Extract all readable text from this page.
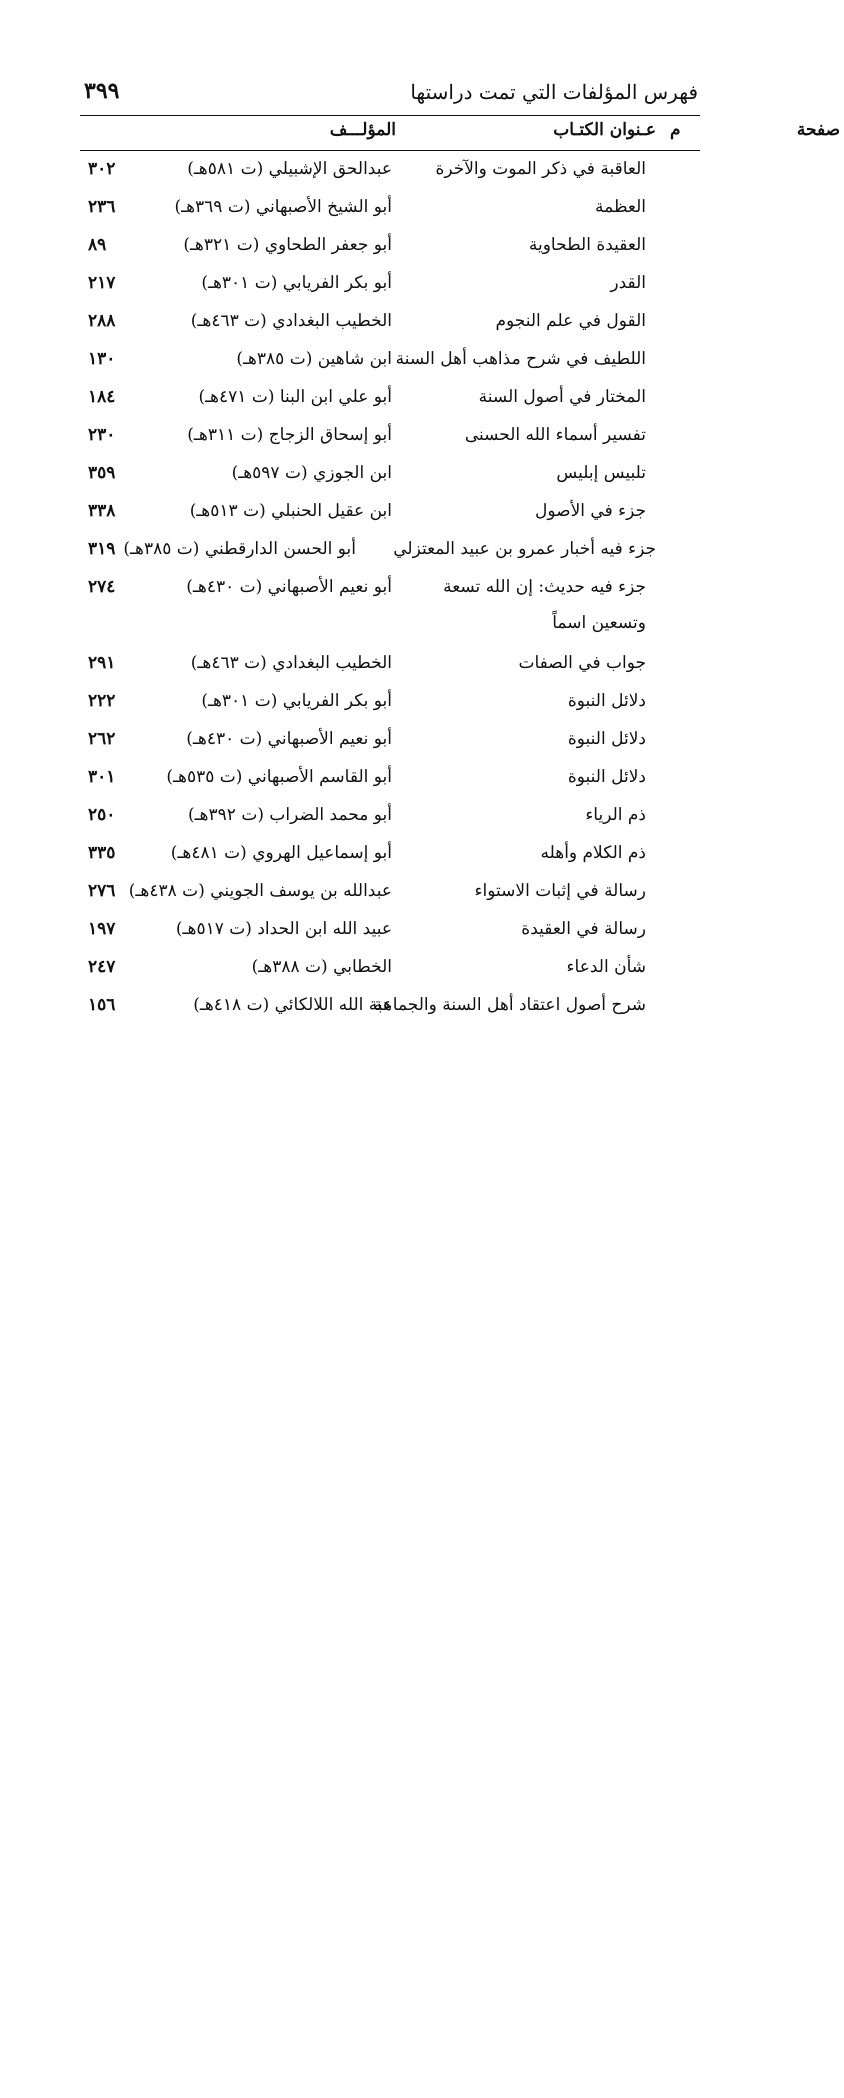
فهرس المؤلفات التي تمت دراستها
٣٩٩
م
عـنوان الكتـاب
المؤلـــف	صفحة
العاقبة في ذكر الموت والآخرة
عبدالحق الإشبيلي (ت ٥٨١هـ)
٣٠٢
العظمة
أبو الشيخ الأصبهاني (ت ٣٦٩هـ)
٢٣٦
العقيدة الطحاوية
أبو جعفر الطحاوي (ت ٣٢١هـ)
٨٩
القدر
أبو بكر الفريابي (ت ٣٠١هـ)
٢١٧
القول في علم النجوم
الخطيب البغدادي (ت ٤٦٣هـ)
٢٨٨
اللطيف في شرح مذاهب أهل السنة
ابن شاهين (ت ٣٨٥هـ)
١٣٠
المختار في أصول السنة
أبو علي ابن البنا (ت ٤٧١هـ)
١٨٤
تفسير أسماء الله الحسنى
أبو إسحاق الزجاج (ت ٣١١هـ)
٢٣٠
تلبيس إبليس
ابن الجوزي (ت ٥٩٧هـ)
٣٥٩
جزء في الأصول
ابن عقيل الحنبلي (ت ٥١٣هـ)
٣٣٨
جزء فيه أخبار عمرو بن عبيد المعتزلي
أبو الحسن الدارقطني (ت ٣٨٥هـ)
٣١٩
جزء فيه حديث: إن الله تسعة
وتسعين اسماً
أبو نعيم الأصبهاني (ت ٤٣٠هـ)
٢٧٤
جواب في الصفات
الخطيب البغدادي (ت ٤٦٣هـ)
٢٩١
دلائل النبوة
أبو بكر الفريابي (ت ٣٠١هـ)
٢٢٢
دلائل النبوة
أبو نعيم الأصبهاني (ت ٤٣٠هـ)
٢٦٢
دلائل النبوة
أبو القاسم الأصبهاني (ت ٥٣٥هـ)
٣٠١
ذم الرياء
أبو محمد الضراب (ت ٣٩٢هـ)
٢٥٠
ذم الكلام وأهله
أبو إسماعيل الهروي (ت ٤٨١هـ)
٣٣٥
رسالة في إثبات الاستواء
عبدالله بن يوسف الجويني (ت ٤٣٨هـ)
٢٧٦
رسالة في العقيدة
عبيد الله ابن الحداد (ت ٥١٧هـ)
١٩٧
شأن الدعاء
الخطابي (ت ٣٨٨هـ)
٢٤٧
شرح أصول اعتقاد أهل السنة والجماعة
هبة الله اللالكائي (ت ٤١٨هـ)
١٥٦
